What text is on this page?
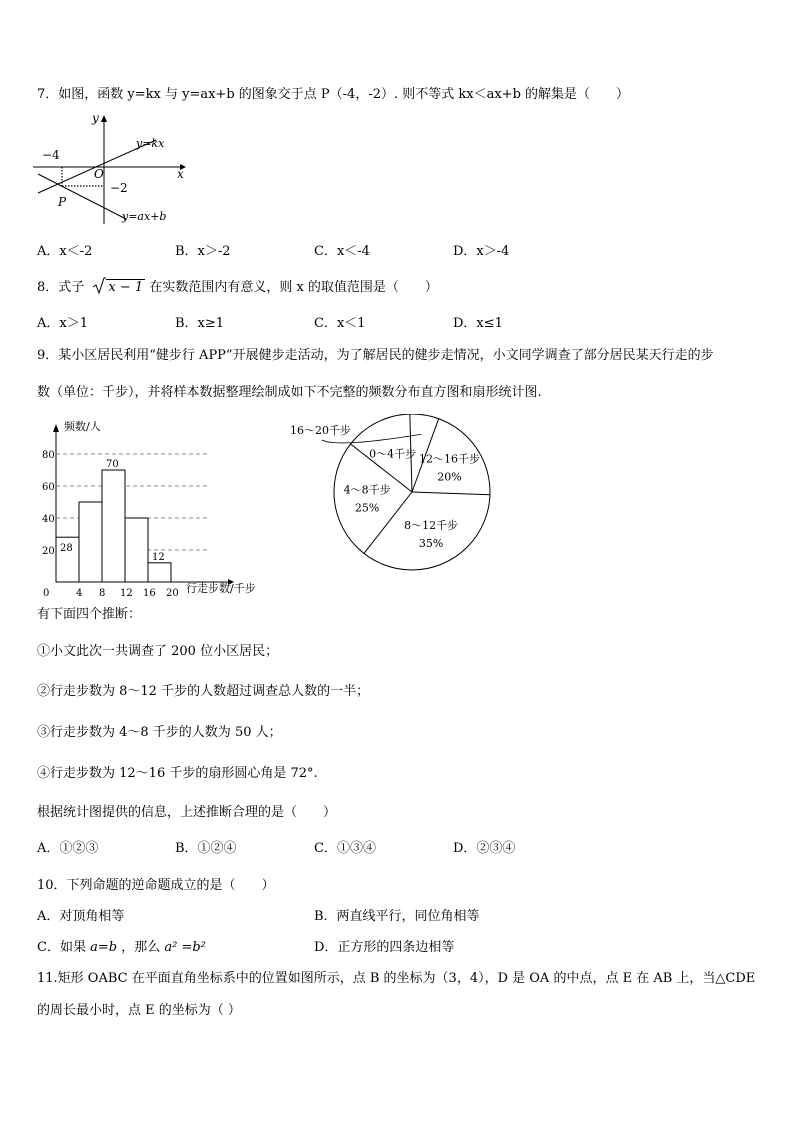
7．如图，函数 y=kx 与 y=ax+b 的图象交于点 P（-4，-2）. 则不等式 kx＜ax+b 的解集是（　　）
y
x
O
−4
−2
P
y=kx
y=ax+b
A．x＜-2	B．x＞-2	C．x＜-4	D．x＞-4
8．式子 x − 1 在实数范围内有意义，则 x 的取值范围是（　　）
A．x＞1	B．x≥1	C．x＜1	D．x≤1
9．某小区居民利用“健步行 APP”开展健步走活动，为了解居民的健步走情况，小文同学调查了部分居民某天行走的步
数（单位：千步），并将样本数据整理绘制成如下不完整的频数分布直方图和扇形统计图.
20
40
60
80
0	4 8 12 16 20
28
70
12
频数/人
行走步数/千步
12～16千步
20%
8～12千步
35%
4～8千步
25%
0～4千步
16～20千步
有下面四个推断：
①小文此次一共调查了 200 位小区居民；
②行走步数为 8～12 千步的人数超过调查总人数的一半；
③行走步数为 4～8 千步的人数为 50 人；
④行走步数为 12～16 千步的扇形圆心角是 72°.
根据统计图提供的信息，上述推断合理的是（　　）
A．①②③	B．①②④	C．①③④	D．②③④
10．下列命题的逆命题成立的是（　　）
A．对顶角相等	B．两直线平行，同位角相等
C．如果 a=b ，那么 a² =b²	D．正方形的四条边相等
11.矩形 OABC 在平面直角坐标系中的位置如图所示，点 B 的坐标为（3，4），D 是 OA 的中点，点 E 在 AB 上，当△CDE
的周长最小时，点 E 的坐标为（ ）
